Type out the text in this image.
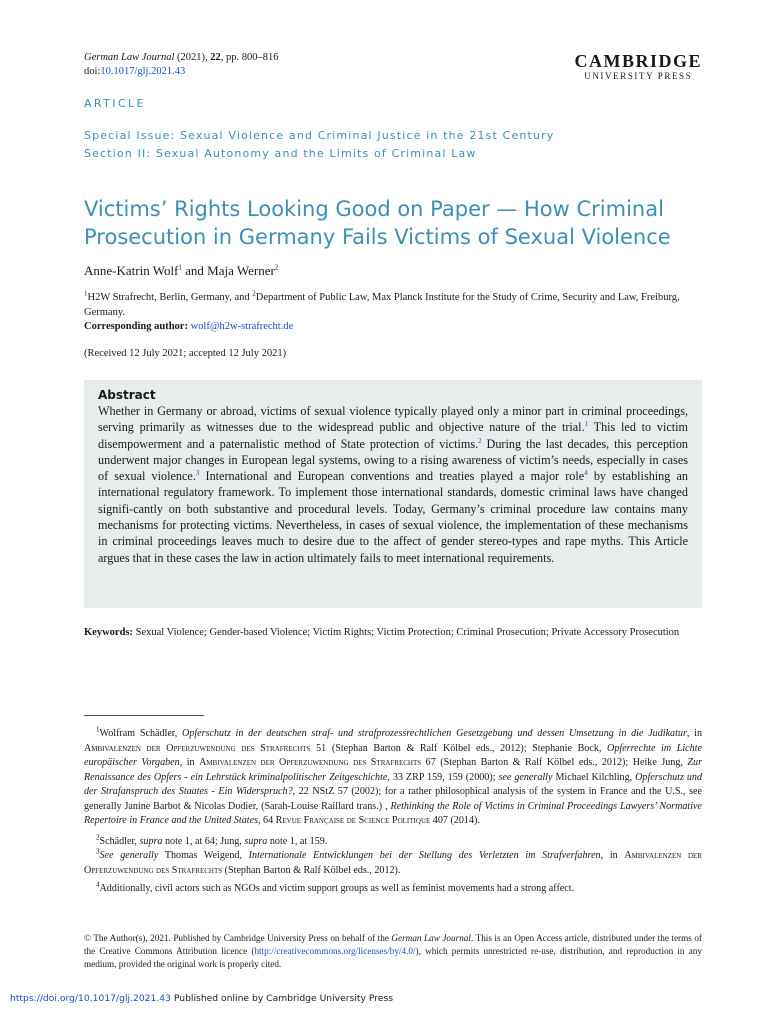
German Law Journal (2021), 22, pp. 800–816
doi:10.1017/glj.2021.43
CAMBRIDGE
UNIVERSITY PRESS
ARTICLE
Special Issue: Sexual Violence and Criminal Justice in the 21st Century
Section II: Sexual Autonomy and the Limits of Criminal Law
Victims’ Rights Looking Good on Paper — How Criminal Prosecution in Germany Fails Victims of Sexual Violence
Anne-Katrin Wolf$^1$ and Maja Werner$^2$
$^1$H2W Strafrecht, Berlin, Germany, and $^2$Department of Public Law, Max Planck Institute for the Study of Crime, Security and Law, Freiburg, Germany.
Corresponding author: wolf@h2w-strafrecht.de
(Received 12 July 2021; accepted 12 July 2021)
Abstract

Whether in Germany or abroad, victims of sexual violence typically played only a minor part in criminal proceedings, serving primarily as witnesses due to the widespread public and objective nature of the trial.$^1$ This led to victim disempowerment and a paternalistic method of State protection of victims.$^2$ During the last decades, this perception underwent major changes in European legal systems, owing to a rising awareness of victim’s needs, especially in cases of sexual violence.$^3$ International and European conventions and treaties played a major role$^4$ by establishing an international regulatory framework. To implement those international standards, domestic criminal laws have changed signifi-cantly on both substantive and procedural levels. Today, Germany’s criminal procedure law contains many mechanisms for protecting victims. Nevertheless, in cases of sexual violence, the implementation of these mechanisms in criminal proceedings leaves much to desire due to the affect of gender stereo-types and rape myths. This Article argues that in these cases the law in action ultimately fails to meet international requirements.

Keywords: Sexual Violence; Gender-based Violence; Victim Rights; Victim Protection; Criminal Prosecution; Private Accessory Prosecution

$^1$Wolfram Schädler, Opferschutz in der deutschen straf- und strafprozessrechtlichen Gesetzgebung und dessen Umsetzung in die Judikatur, in Ambivalenzen der Opferzuwendung des Strafrechts 51 (Stephan Barton & Ralf Kölbel eds., 2012); Stephanie Bock, Opferrechte im Lichte europäischer Vorgaben, in Ambivalenzen der Opferzuwendung des Strafrechts 67 (Stephan Barton & Ralf Kölbel eds., 2012); Heike Jung, Zur Renaissance des Opfers - ein Lehrstück kriminalpolitischer Zeitgeschichte, 33 ZRP 159, 159 (2000); see generally Michael Kilchling, Opferschutz und der Strafanspruch des Staates - Ein Widerspruch?, 22 NStZ 57 (2002); for a rather philosophical analysis of the system in France and the U.S., see generally Janine Barbot & Nicolas Dodier, (Sarah-Louise Raillard trans.) , Rethinking the Role of Victims in Criminal Proceedings Lawyers’ Normative Repertoire in France and the United States, 64 Revue Française de Science Politique 407 (2014).

$^2$Schädler, supra note 1, at 64; Jung, supra note 1, at 159.

$^3$See generally Thomas Weigend, Internationale Entwicklungen bei der Stellung des Verletzten im Strafverfahren, in Ambivalenzen der Opferzuwendung des Strafrechts (Stephan Barton & Ralf Kölbel eds., 2012).

$^4$Additionally, civil actors such as NGOs and victim support groups as well as feminist movements had a strong affect.

© The Author(s), 2021. Published by Cambridge University Press on behalf of the German Law Journal. This is an Open Access article, distributed under the terms of the Creative Commons Attribution licence (http://creativecommons.org/licenses/by/4.0/), which permits unrestricted re-use, distribution, and reproduction in any medium, provided the original work is properly cited.
https://doi.org/10.1017/glj.2021.43 Published online by Cambridge University Press
